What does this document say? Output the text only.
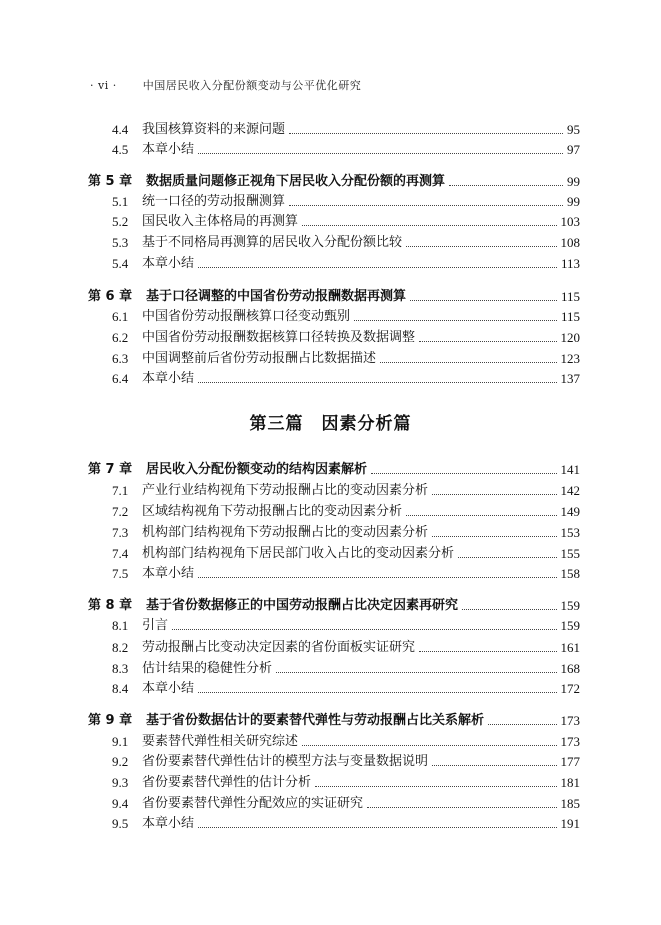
· vi · 中国居民收入分配份额变动与公平优化研究
第三篇 因素分析篇
4.4	我国核算资料的来源问题	95
4.5	本章小结	97
第 5 章	数据质量问题修正视角下居民收入分配份额的再测算	99
5.1	统一口径的劳动报酬测算	99
5.2	国民收入主体格局的再测算	103
5.3	基于不同格局再测算的居民收入分配份额比较	108
5.4	本章小结	113
第 6 章	基于口径调整的中国省份劳动报酬数据再测算	115
6.1	中国省份劳动报酬核算口径变动甄别	115
6.2	中国省份劳动报酬数据核算口径转换及数据调整	120
6.3	中国调整前后省份劳动报酬占比数据描述	123
6.4	本章小结	137
第 7 章	居民收入分配份额变动的结构因素解析	141
7.1	产业行业结构视角下劳动报酬占比的变动因素分析	142
7.2	区域结构视角下劳动报酬占比的变动因素分析	149
7.3	机构部门结构视角下劳动报酬占比的变动因素分析	153
7.4	机构部门结构视角下居民部门收入占比的变动因素分析	155
7.5	本章小结	158
第 8 章	基于省份数据修正的中国劳动报酬占比决定因素再研究	159
8.1	引言	159
8.2	劳动报酬占比变动决定因素的省份面板实证研究	161
8.3	估计结果的稳健性分析	168
8.4	本章小结	172
第 9 章	基于省份数据估计的要素替代弹性与劳动报酬占比关系解析	173
9.1	要素替代弹性相关研究综述	173
9.2	省份要素替代弹性估计的模型方法与变量数据说明	177
9.3	省份要素替代弹性的估计分析	181
9.4	省份要素替代弹性分配效应的实证研究	185
9.5	本章小结	191
